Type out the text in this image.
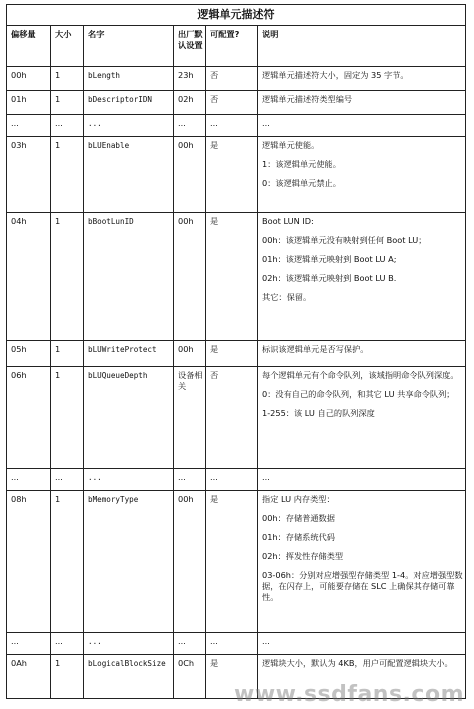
逻辑单元描述符					
偏移量	大小	名字	出厂默认设置	可配置?	说明
00h	1	bLength	23h	否	逻辑单元描述符大小，固定为 35 字节。

01h	1	bDescriptorIDN	02h	否	逻辑单元描述符类型编号

...	...	...	...	...	...

03h	1	bLUEnable	00h	是	逻辑单元使能。
1：该逻辑单元使能。
0：该逻辑单元禁止。

04h	1	bBootLunID	00h	是	Boot LUN ID:
00h：该逻辑单元没有映射到任何 Boot LU；
01h：该逻辑单元映射到 Boot LU A;
02h：该逻辑单元映射到 Boot LU B.
其它：保留。

05h	1	bLUWriteProtect	00h	是	标识该逻辑单元是否写保护。

06h	1	bLUQueueDepth	设备相关	否	每个逻辑单元有个命令队列，该域指明命令队列深度。
0：没有自己的命令队列，和其它 LU 共享命令队列；
1-255：该 LU 自己的队列深度

...	...	...	...	...	...

08h	1	bMemoryType	00h	是	指定 LU 内存类型：
00h：存储普通数据
01h：存储系统代码
02h：挥发性存储类型
03-06h：分别对应增强型存储类型 1-4。对应增强型数据，在闪存上，可能要存储在 SLC 上确保其存储可靠性。

...	...	...	...	...	...

0Ah	1	bLogicalBlockSize	0Ch	是	逻辑块大小，默认为 4KB，用户可配置逻辑块大小。
www.ssdfans.com
